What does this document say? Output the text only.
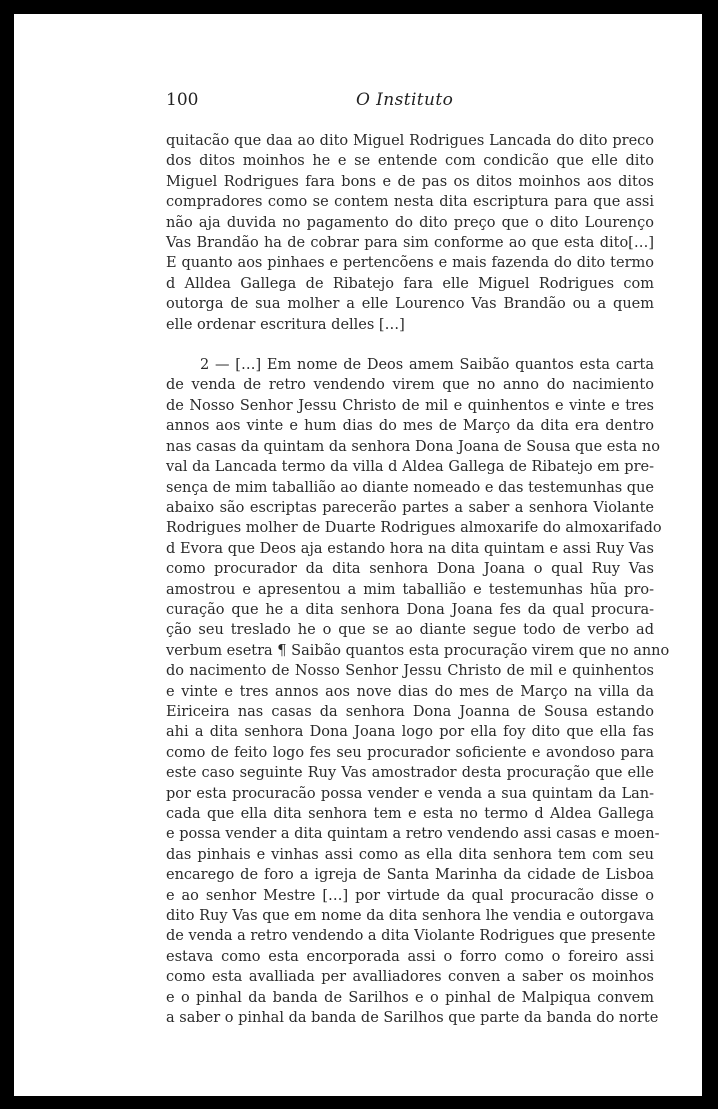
100	O Instituto
quitacão que daa ao dito Miguel Rodrigues Lancada do dito preco
dos ditos moinhos he e se entende com condicão que elle dito
Miguel Rodrigues fara bons e de pas os ditos moinhos aos ditos
compradores como se contem nesta dita escriptura para que assi
não aja duvida no pagamento do dito preço que o dito Lourenço
Vas Brandão ha de cobrar para sim conforme ao que esta dito[…]
E quanto aos pinhaes e pertencõens e mais fazenda do dito termo
d Alldea Gallega de Ribatejo fara elle Miguel Rodrigues com
outorga de sua molher a elle Lourenco Vas Brandão ou a quem
elle ordenar escritura delles […]
2 — […] Em nome de Deos amem Saibão quantos esta carta
de venda de retro vendendo virem que no anno do nacimiento
de Nosso Senhor Jessu Christo de mil e quinhentos e vinte e tres
annos aos vinte e hum dias do mes de Março da dita era dentro
nas casas da quintam da senhora Dona Joana de Sousa que esta no
val da Lancada termo da villa d Aldea Gallega de Ribatejo em pre-
sença de mim taballião ao diante nomeado e das testemunhas que
abaixo são escriptas parecerão partes a saber a senhora Violante
Rodrigues molher de Duarte Rodrigues almoxarife do almoxarifado
d Evora que Deos aja estando hora na dita quintam e assi Ruy Vas
como procurador da dita senhora Dona Joana o qual Ruy Vas
amostrou e apresentou a mim taballião e testemunhas hũa pro-
curação que he a dita senhora Dona Joana fes da qual procura-
ção seu treslado he o que se ao diante segue todo de verbo ad
verbum esetra ¶ Saibão quantos esta procuração virem que no anno
do nacimento de Nosso Senhor Jessu Christo de mil e quinhentos
e vinte e tres annos aos nove dias do mes de Março na villa da
Eiriceira nas casas da senhora Dona Joanna de Sousa estando
ahi a dita senhora Dona Joana logo por ella foy dito que ella fas
como de feito logo fes seu procurador soficiente e avondoso para
este caso seguinte Ruy Vas amostrador desta procuração que elle
por esta procuracão possa vender e venda a sua quintam da Lan-
cada que ella dita senhora tem e esta no termo d Aldea Gallega
e possa vender a dita quintam a retro vendendo assi casas e moen-
das pinhais e vinhas assi como as ella dita senhora tem com seu
encarego de foro a igreja de Santa Marinha da cidade de Lisboa
e ao senhor Mestre […] por virtude da qual procuracão disse o
dito Ruy Vas que em nome da dita senhora lhe vendia e outorgava
de venda a retro vendendo a dita Violante Rodrigues que presente
estava como esta encorporada assi o forro como o foreiro assi
como esta avalliada per avalliadores conven a saber os moinhos
e o pinhal da banda de Sarilhos e o pinhal de Malpiqua convem
a saber o pinhal da banda de Sarilhos que parte da banda do norte
